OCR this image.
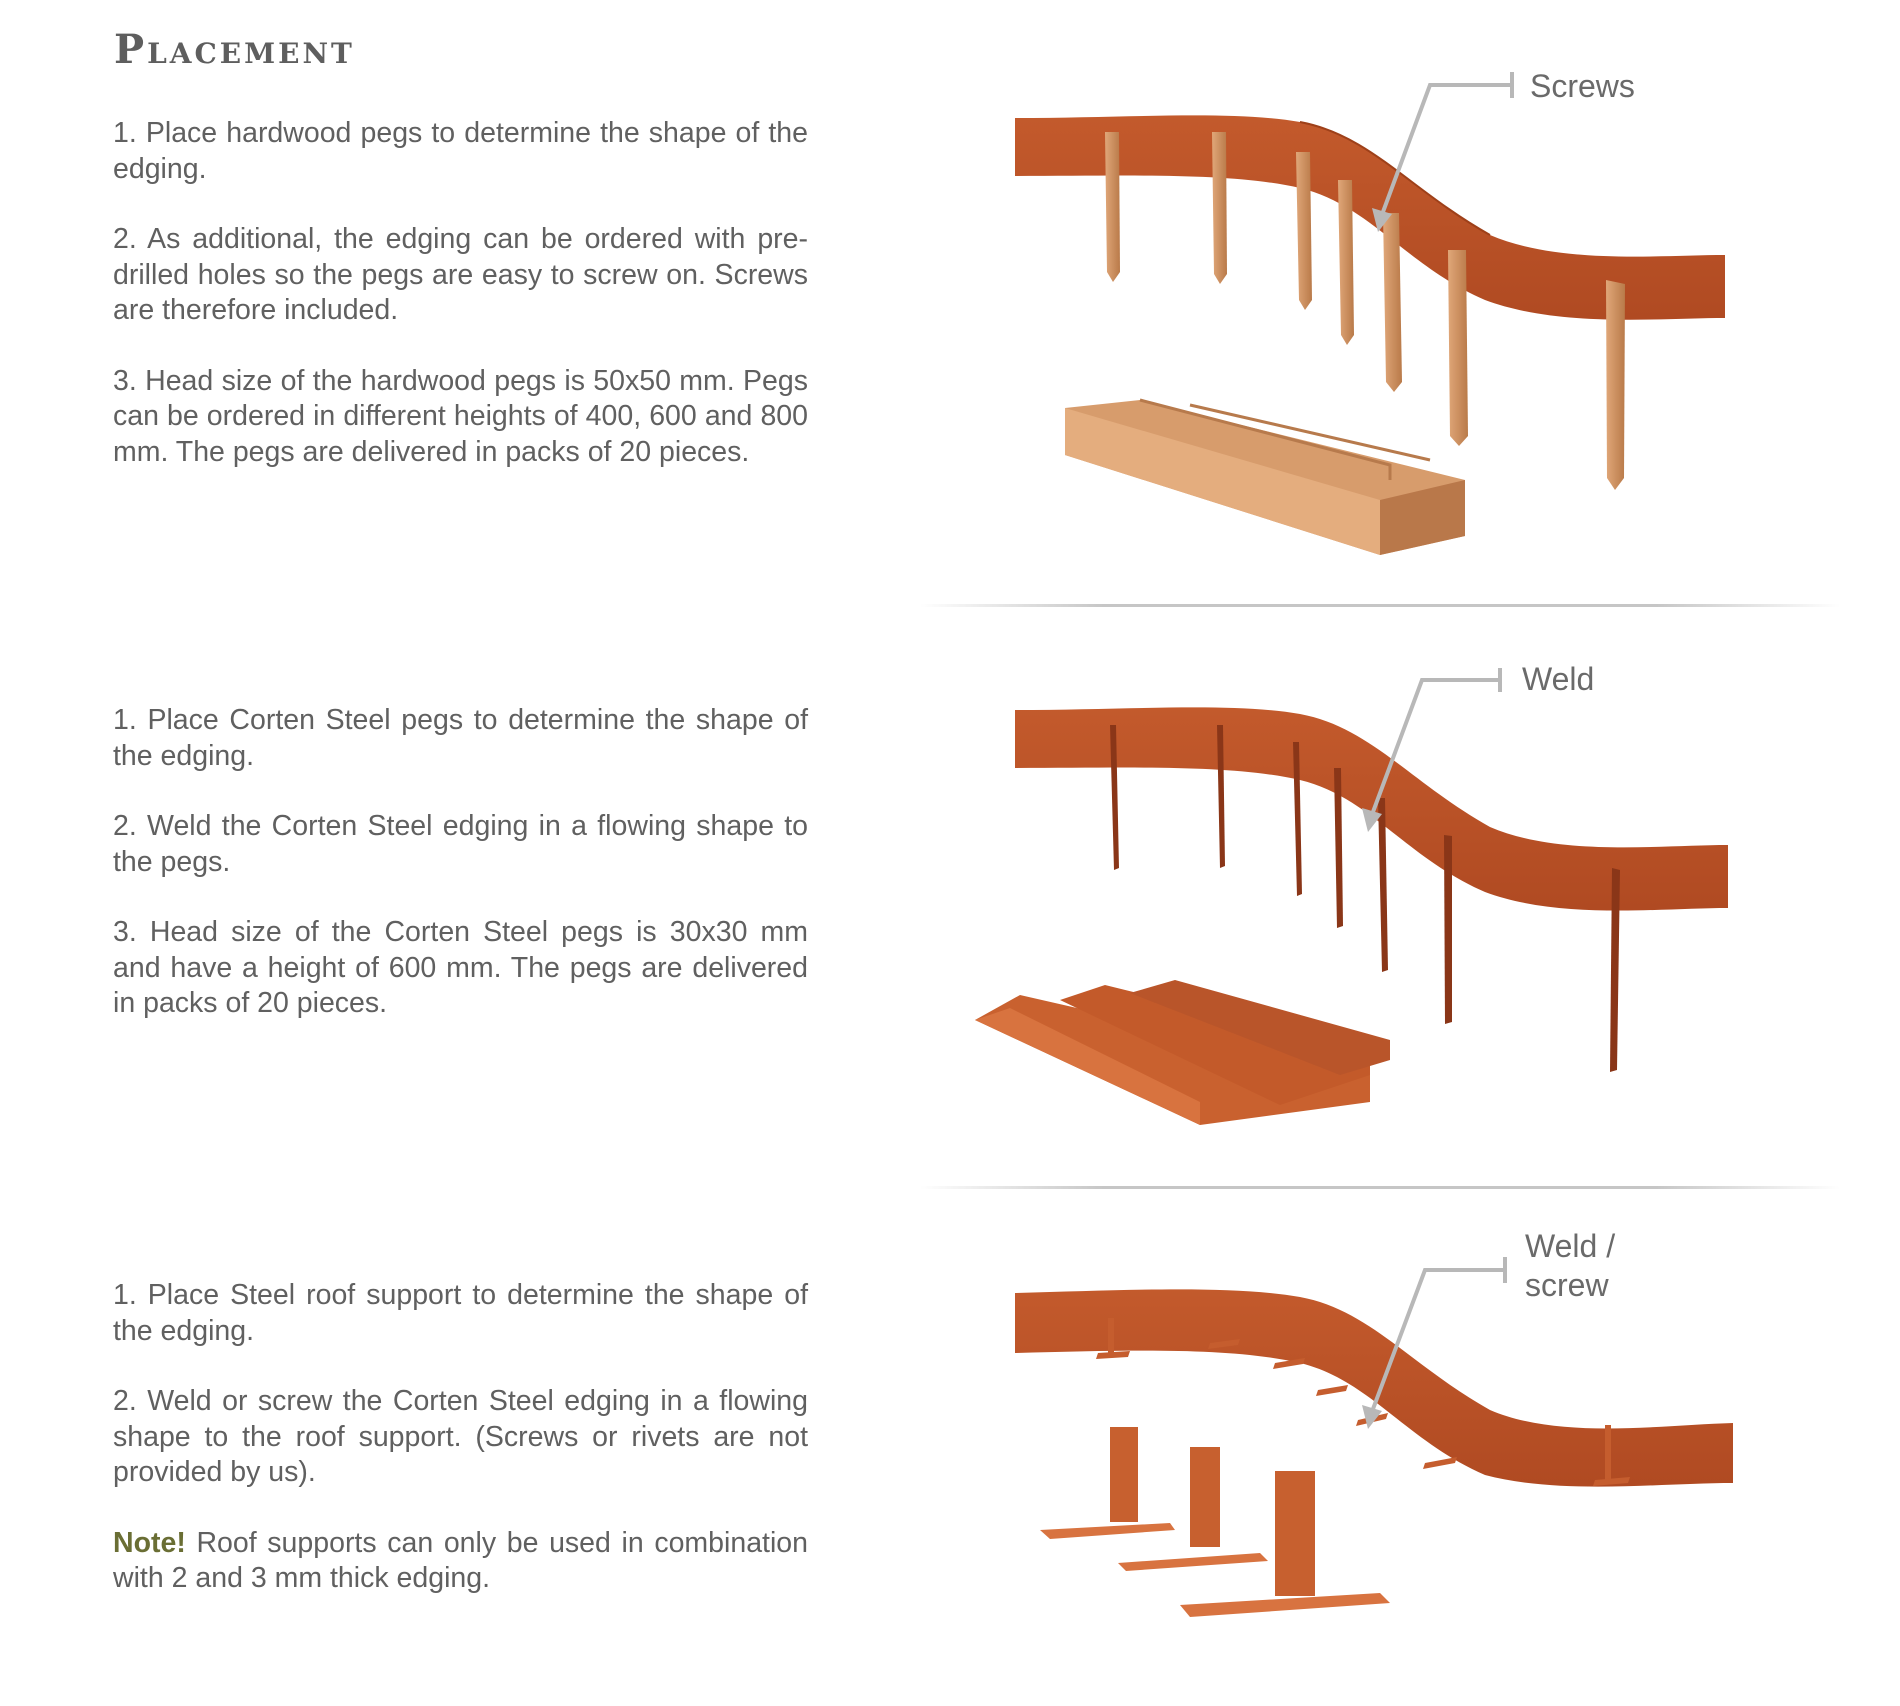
Placement

1. Place hardwood pegs to determine the shape of the edging.

2. As additional, the edging can be ordered with pre-drilled holes so the pegs are easy to screw on. Screws are therefore included.

3. Head size of the hardwood pegs is 50x50 mm. Pegs can be ordered in different heights of 400, 600 and 800 mm. The pegs are delivered in packs of 20 pieces.

Screws

1. Place Corten Steel pegs to determine the shape of the edging.

2. Weld the Corten Steel edging in a flowing shape to the pegs.

3. Head size of the Corten Steel pegs is 30x30 mm and have a height of 600 mm. The pegs are delivered in packs of 20 pieces.

Weld

1. Place Steel roof support to determine the shape of the edging.

2. Weld or screw the Corten Steel edging in a flowing shape to the roof support. (Screws or rivets are not provided by us).

Note! Roof supports can only be used in combination with 2 and 3 mm thick edging.

Weld /
screw
